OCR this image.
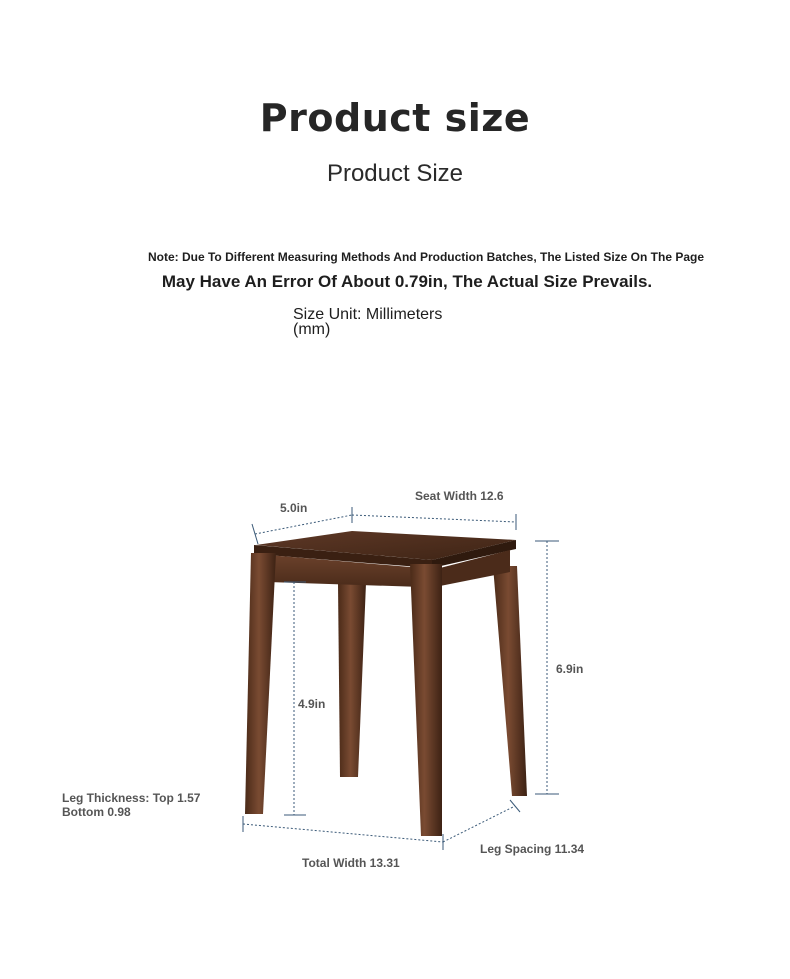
Product size
Product Size
Note: Due To Different Measuring Methods And Production Batches, The Listed Size On The Page
May Have An Error Of About 0.79in, The Actual Size Prevails.
Size Unit: Millimeters
(mm)
5.0in
Seat Width 12.6
6.9in
4.9in
Leg Thickness: Top 1.57
Bottom 0.98
Total Width 13.31
Leg Spacing 11.34
